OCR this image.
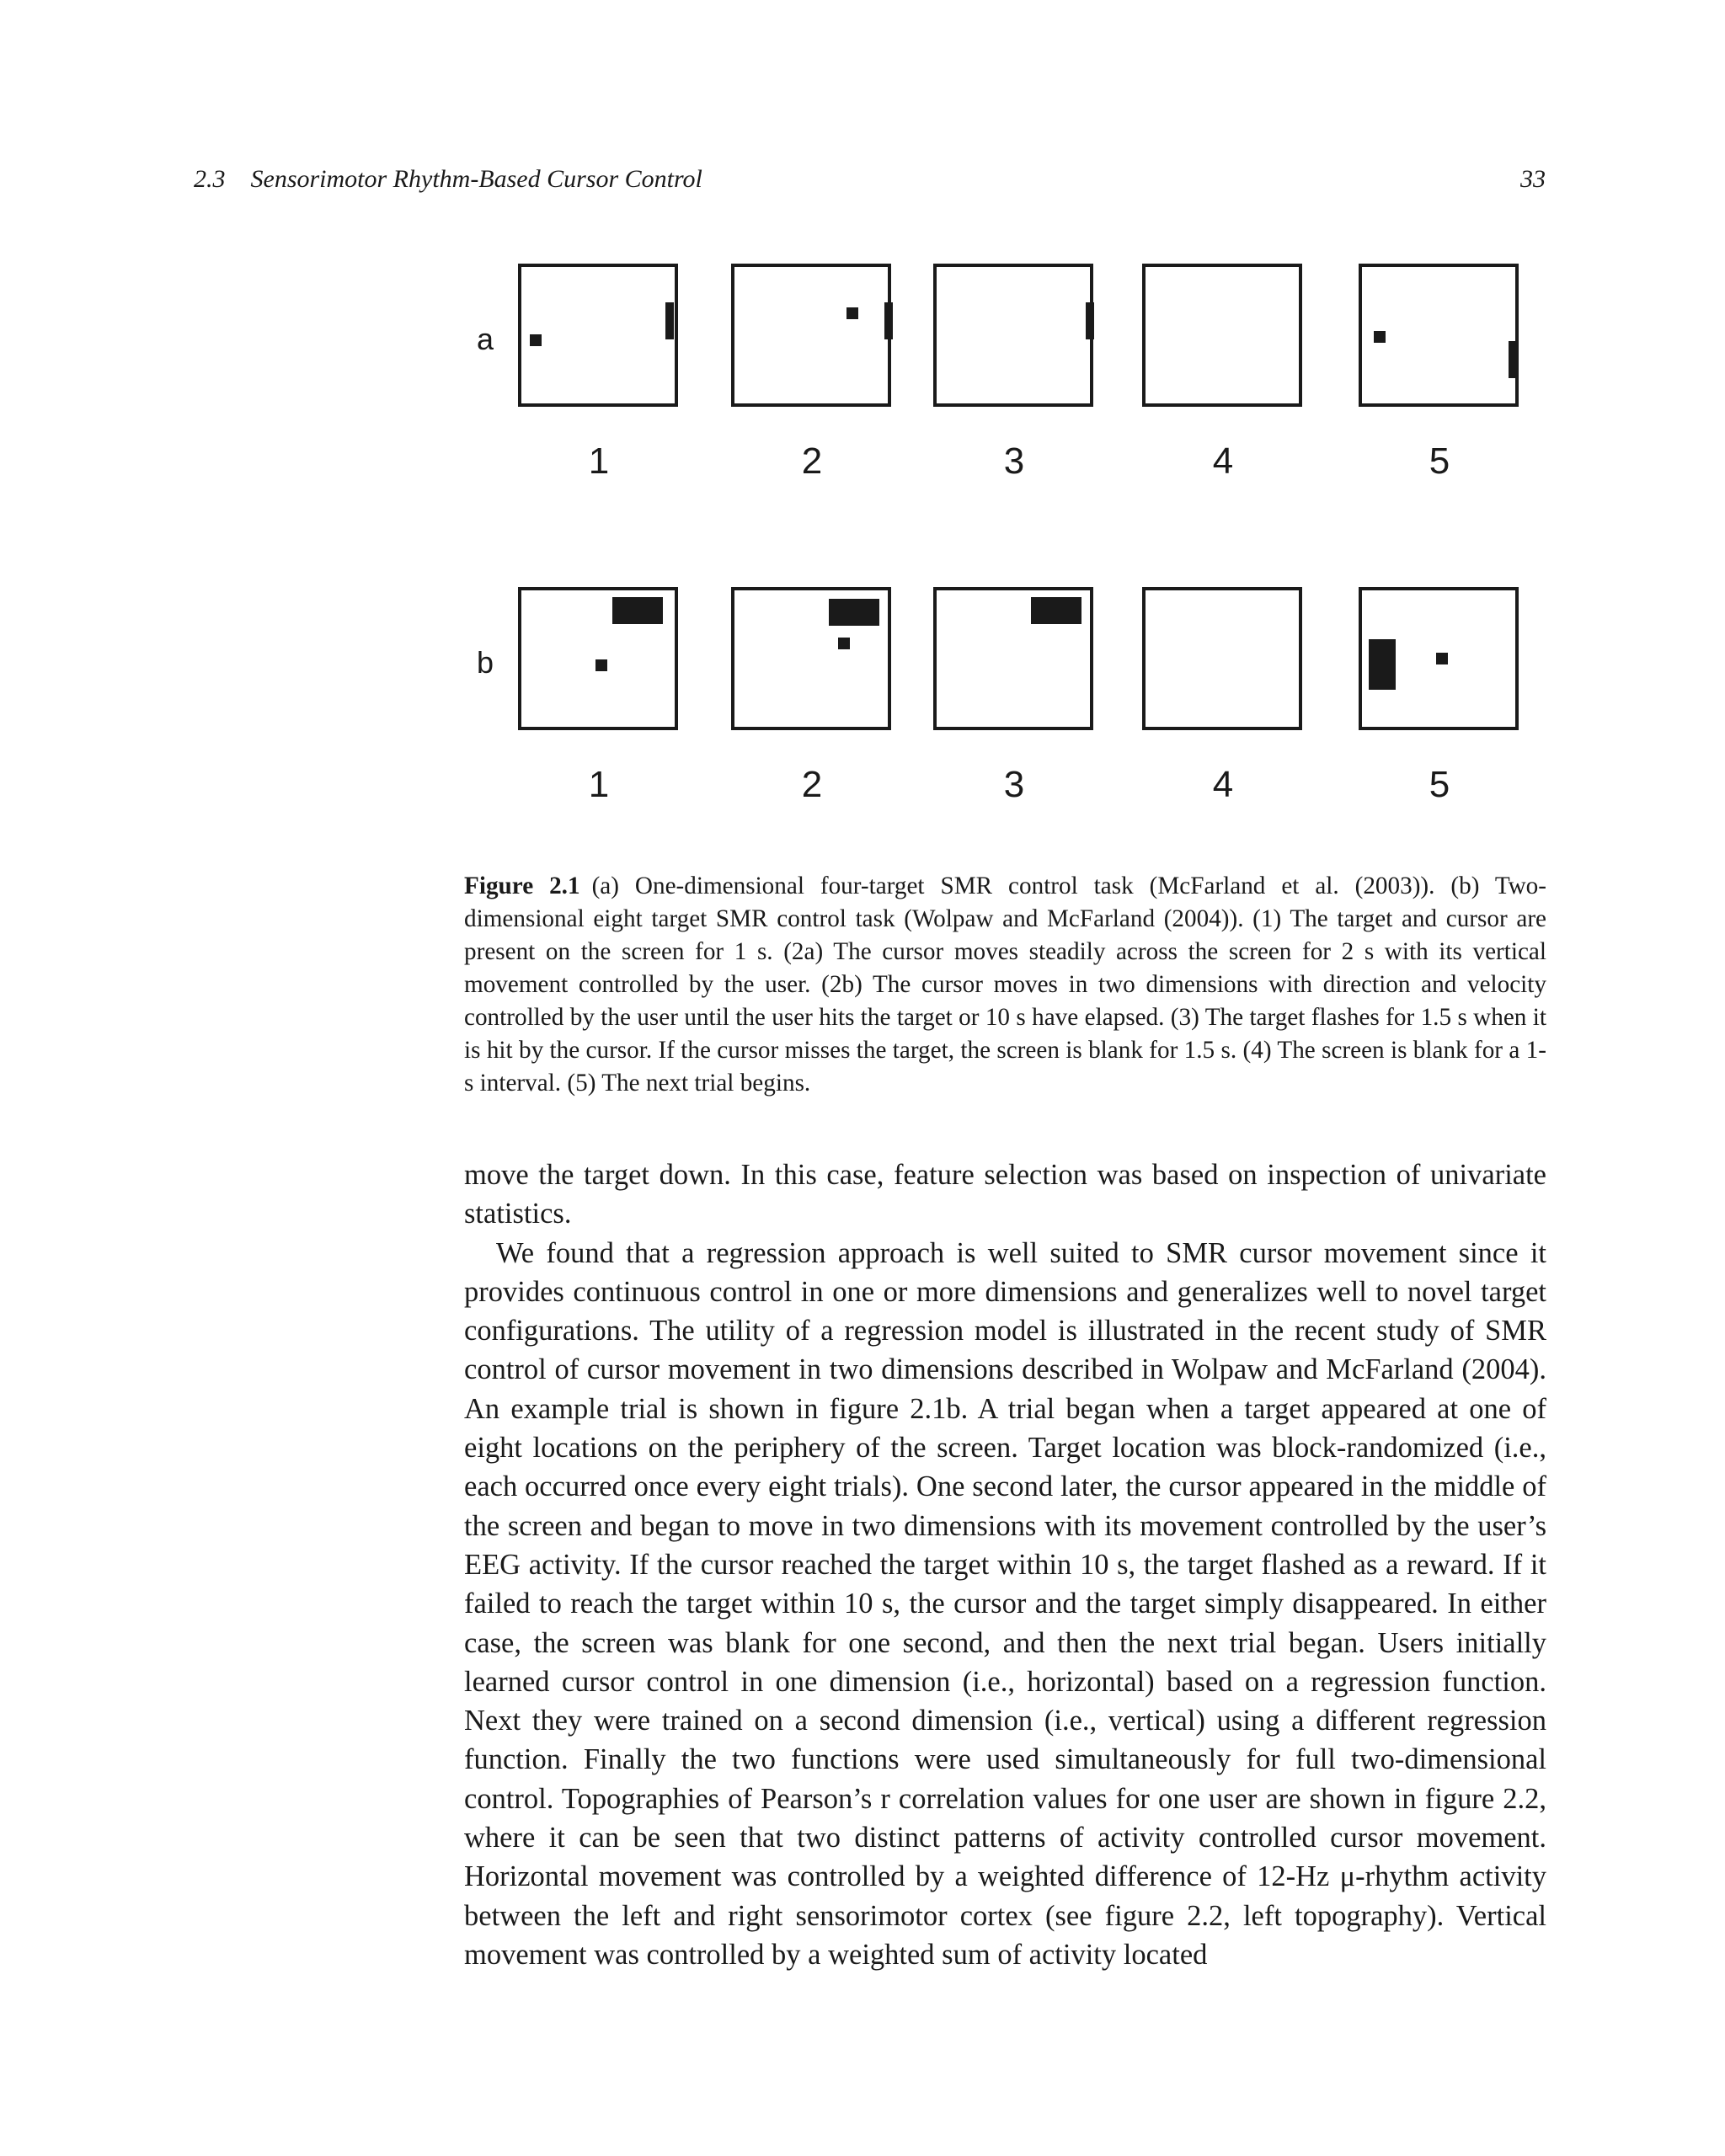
2.3    Sensorimotor Rhythm-Based Cursor Control	33
a
1	2	3	4	5
b
1	2	3	4	5
Figure 2.1 (a) One-dimensional four-target SMR control task (McFarland et al. (2003)). (b) Two-dimensional eight target SMR control task (Wolpaw and McFarland (2004)). (1) The target and cursor are present on the screen for 1 s. (2a) The cursor moves steadily across the screen for 2 s with its vertical movement controlled by the user. (2b) The cursor moves in two dimensions with direction and velocity controlled by the user until the user hits the target or 10 s have elapsed. (3) The target flashes for 1.5 s when it is hit by the cursor. If the cursor misses the target, the screen is blank for 1.5 s. (4) The screen is blank for a 1-s interval. (5) The next trial begins.

move the target down. In this case, feature selection was based on inspection of univariate statistics.

We found that a regression approach is well suited to SMR cursor movement since it provides continuous control in one or more dimensions and generalizes well to novel target configurations. The utility of a regression model is illustrated in the recent study of SMR control of cursor movement in two dimensions described in Wolpaw and McFarland (2004). An example trial is shown in figure 2.1b. A trial began when a target appeared at one of eight locations on the periphery of the screen. Target location was block-randomized (i.e., each occurred once every eight trials). One second later, the cursor appeared in the middle of the screen and began to move in two dimensions with its movement controlled by the user’s EEG activity. If the cursor reached the target within 10 s, the target flashed as a reward. If it failed to reach the target within 10 s, the cursor and the target simply disappeared. In either case, the screen was blank for one second, and then the next trial began. Users initially learned cursor control in one dimension (i.e., horizontal) based on a regression function. Next they were trained on a second dimension (i.e., vertical) using a different regression function. Finally the two functions were used simultaneously for full two-dimensional control. Topographies of Pearson’s r correlation values for one user are shown in figure 2.2, where it can be seen that two distinct patterns of activity controlled cursor movement. Horizontal movement was controlled by a weighted difference of 12-Hz μ-rhythm activity between the left and right sensorimotor cortex (see figure 2.2, left topography). Vertical movement was controlled by a weighted sum of activity located
